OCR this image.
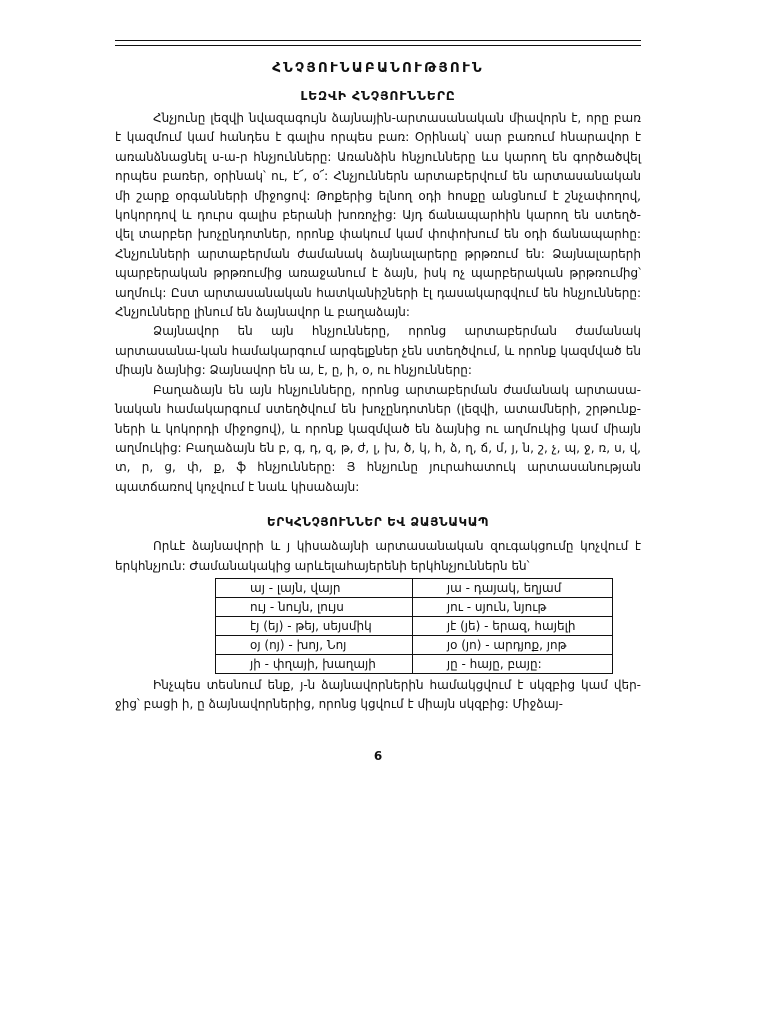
ՀՆՉՅՈՒՆԱԲԱՆՈՒԹՅՈՒՆ
ԼԵԶՎԻ ՀՆՉՅՈՒՆՆԵՐԸ

Հնչյունը լեզվի նվազագույն ձայնային-արտասանական միավորն է, որը բառ է կազմում կամ հանդես է գալիս որպես բառ: Օրինակ՝ սար բառում հնարավոր է առանձնացնել ս-ա-ր հնչյունները: Առանձին հնչյունները ևս կարող են գործածվել որպես բառեր, օրինակ՝ ու, է՜, օ՜: Հնչյուններն արտաբերվում են արտասանական մի շարք օրգանների միջոցով: Թոքերից ելնող օդի հոսքը անցնում է շնչափողով, կոկորդով և դուրս գալիս բերանի խոռոչից: Այդ ճանապարհին կարող են ստեղծ-վել տարբեր խոչընդոտներ, որոնք փակում կամ փոփոխում են օդի ճանապարհը: Հնչյունների արտաբերման ժամանակ ձայնալարերը թրթռում են: Ձայնալարերի պարբերական թրթռումից առաջանում է ձայն, իսկ ոչ պարբերական թրթռումից՝ աղմուկ: Ըստ արտասանական հատկանիշների էլ դասակարգվում են հնչյունները: Հնչյունները լինում են ձայնավոր և բաղաձայն:

Ձայնավոր են այն հնչյունները, որոնց արտաբերման ժամանակ արտասանա-կան համակարգում արգելքներ չեն ստեղծվում, և որոնք կազմված են միայն ձայնից: Ձայնավոր են ա, է, ը, ի, օ, ու հնչյունները:

Բաղաձայն են այն հնչյունները, որոնց արտաբերման ժամանակ արտասա-նական համակարգում ստեղծվում են խոչընդոտներ (լեզվի, ատամների, շրթունք-ների և կոկորդի միջոցով), և որոնք կազմված են ձայնից ու աղմուկից կամ միայն աղմուկից: Բաղաձայն են բ, գ, դ, զ, թ, ժ, լ, խ, ծ, կ, հ, ձ, ղ, ճ, մ, յ, ն, շ, չ, պ, ջ, ռ, ս, վ, տ, ր, ց, փ, ք, ֆ հնչյունները: Յ հնչյունը յուրահատուկ արտասանության պատճառով կոչվում է նաև կիսաձայն:

ԵՐԿՀՆՉՅՈՒՆՆԵՐ ԵՎ ՁԱՅՆԱԿԱՊ

Որևէ ձայնավորի և յ կիսաձայնի արտասանական զուգակցումը կոչվում է երկհնչյուն: Ժամանակակից արևելահայերենի երկհնչյուններն են՝

այ - լայն, վայր	յա - դայակ, եղյամ
ույ - նույն, լույս	յու - սյուն, նյութ
էյ (եյ) - թեյ, սեյսմիկ	յէ (յե) - երազ, հայելի
օյ (ոյ) - խոյ, Նոյ	յօ (յո) - արդյոք, յոթ
յի - փղայի, խաղայի	յը - հայը, բայը:

Ինչպես տեսնում ենք, յ-ն ձայնավորներին համակցվում է սկզբից կամ վեր-ջից՝ բացի ի, ը ձայնավորներից, որոնց կցվում է միայն սկզբից: Միջձայ-

6
